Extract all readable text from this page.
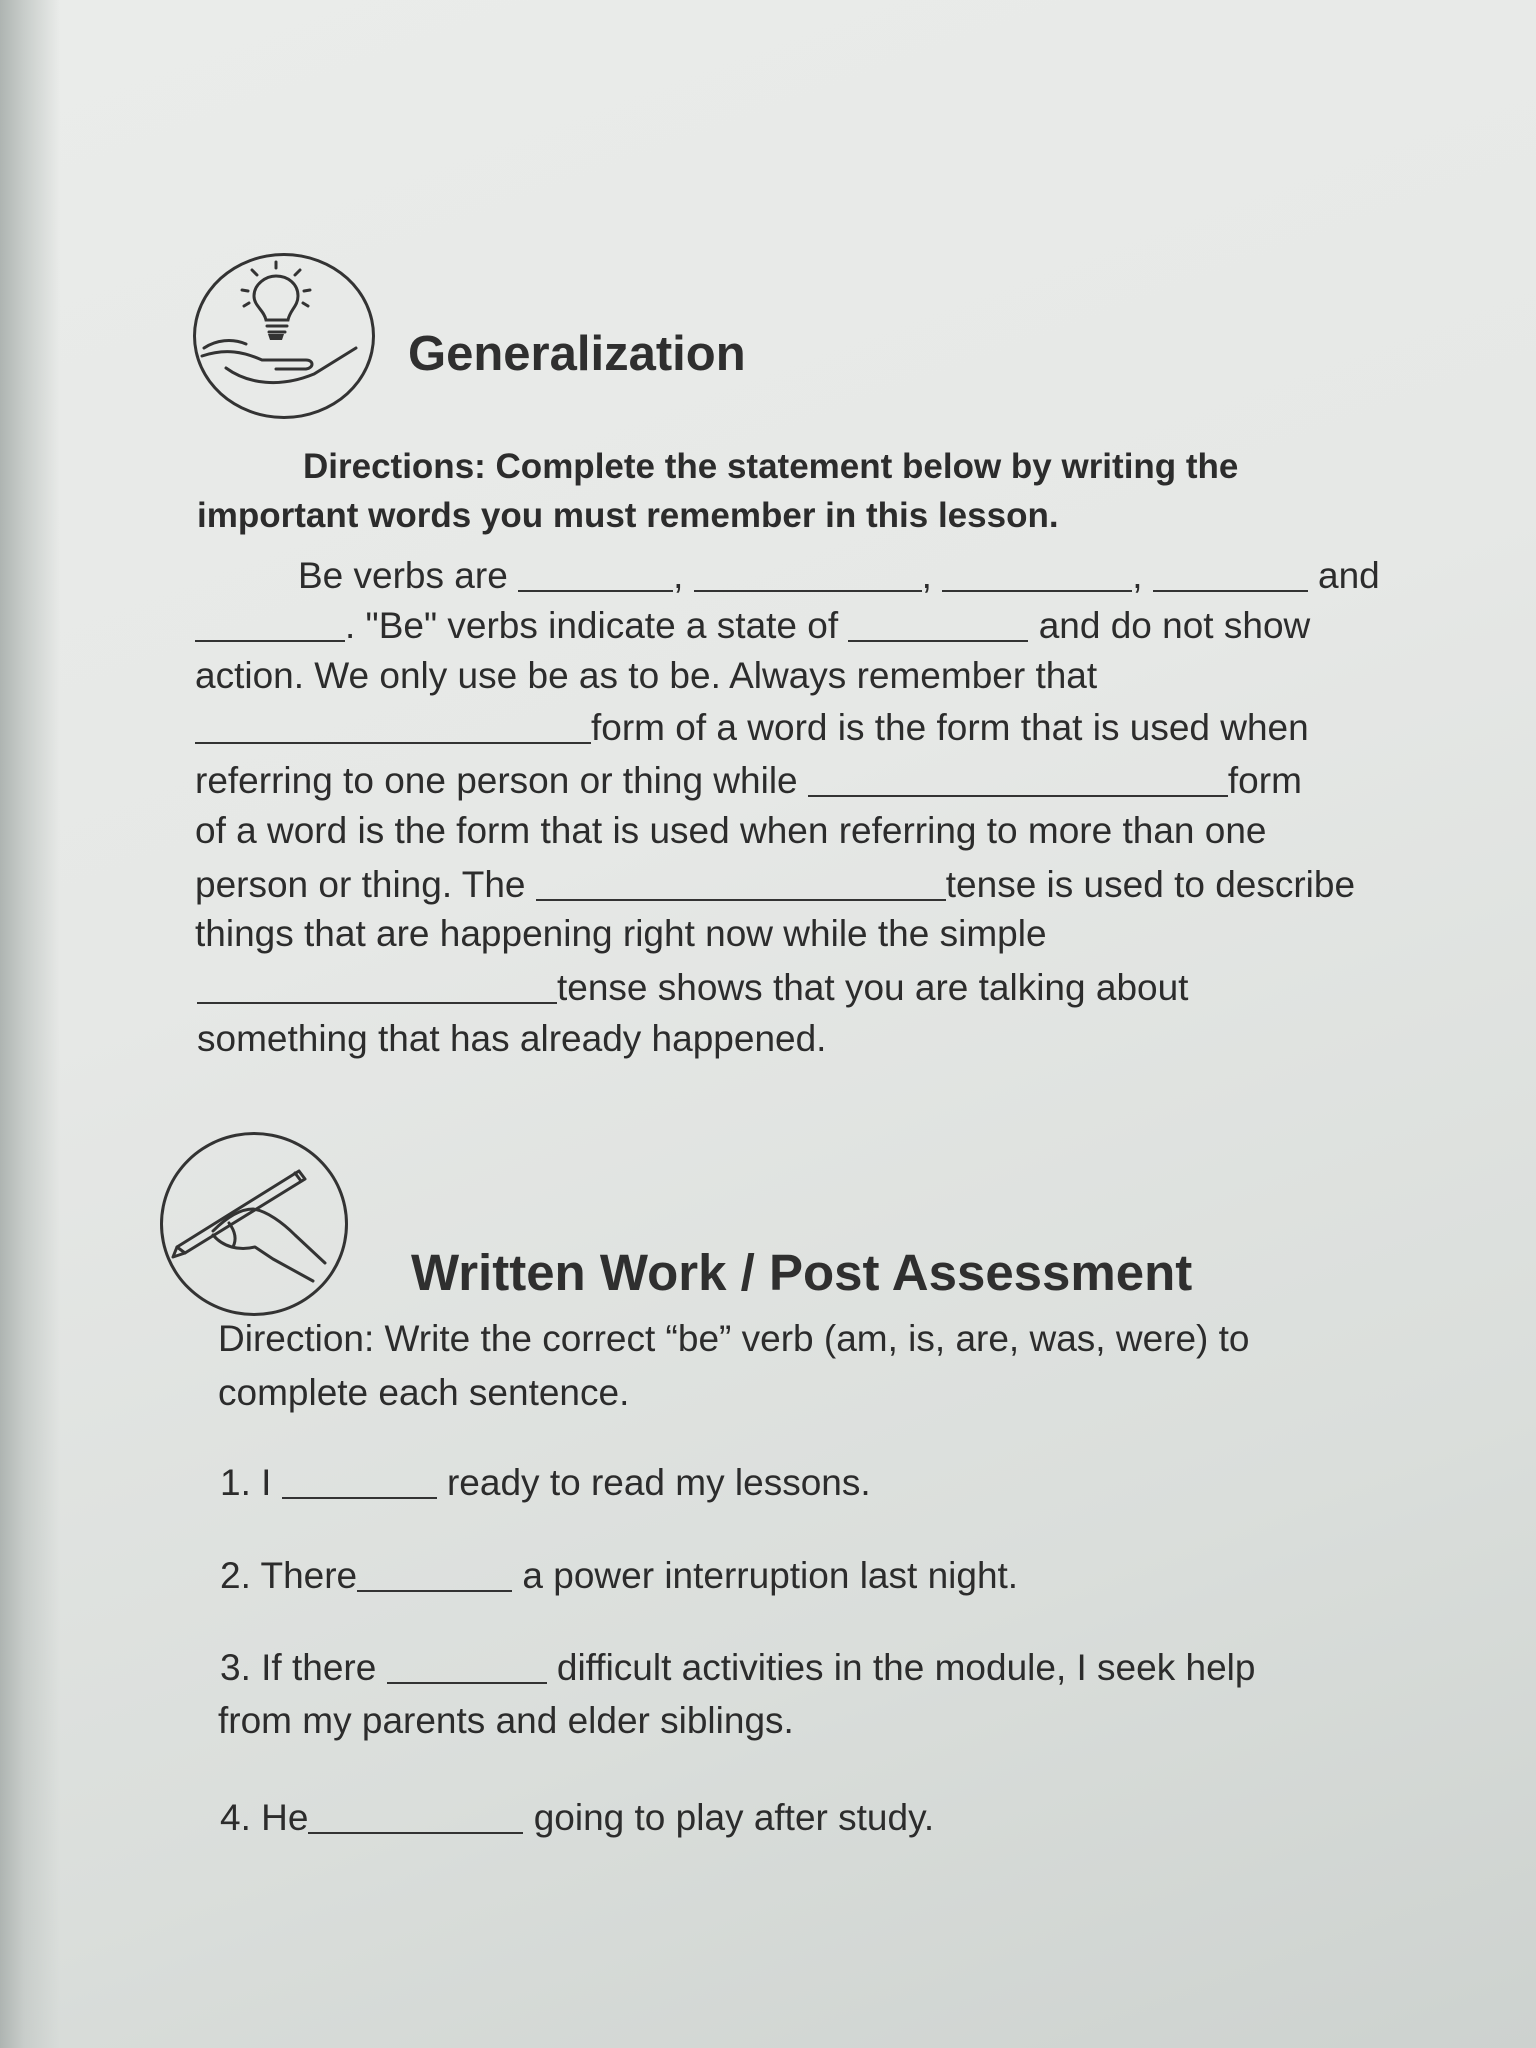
Generalization
Directions: Complete the statement below by writing the
important words you must remember in this lesson.
Be verbs are	,	,	,	and
. "Be" verbs indicate a state of	and do not show
action. We only use be as to be. Always remember that
form of a word is the form that is used when
referring to one person or thing while	form
of a word is the form that is used when referring to more than one
person or thing. The	tense is used to describe
things that are happening right now while the simple
tense shows that you are talking about
something that has already happened.
Written Work / Post Assessment
Direction: Write the correct “be” verb (am, is, are, was, were) to
complete each sentence.
1. I	ready to read my lessons.
2. There	a power interruption last night.
3. If there	difficult activities in the module, I seek help
from my parents and elder siblings.
4. He	going to play after study.
